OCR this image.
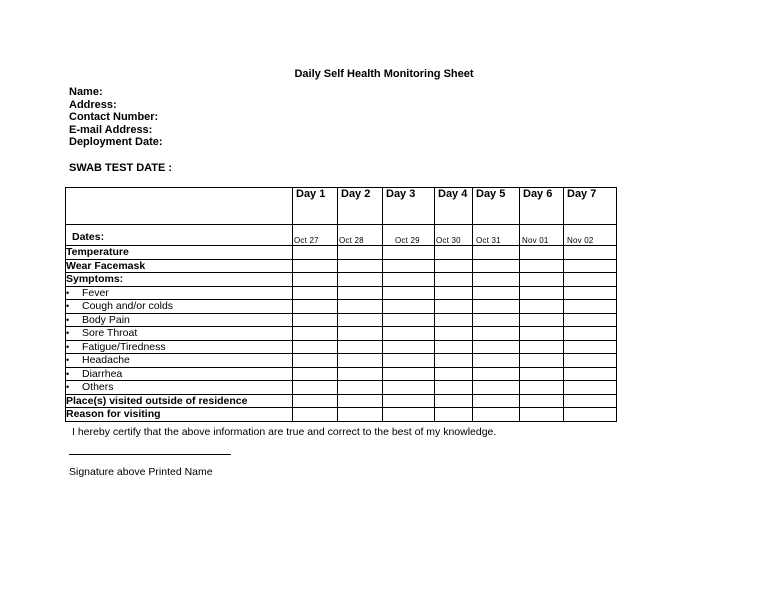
Daily Self Health Monitoring Sheet
Name:
Address:
Contact Number:
E-mail Address:
Deployment Date:
SWAB TEST DATE :
	Day 1	Day 2	Day 3	Day 4	Day 5	Day 6	Day 7
Dates:	Oct 27	Oct 28	Oct 29	Oct 30	Oct 31	Nov 01	Nov 02
Temperature							
Wear Facemask							
Symptoms:							
• Fever							
• Cough and/or colds							
• Body Pain							
• Sore Throat							
• Fatigue/Tiredness							
• Headache							
• Diarrhea							
• Others							
Place(s) visited outside of residence							
Reason for visiting							
I hereby certify that the above information are true and correct to the best of my knowledge.
Signature above Printed Name
